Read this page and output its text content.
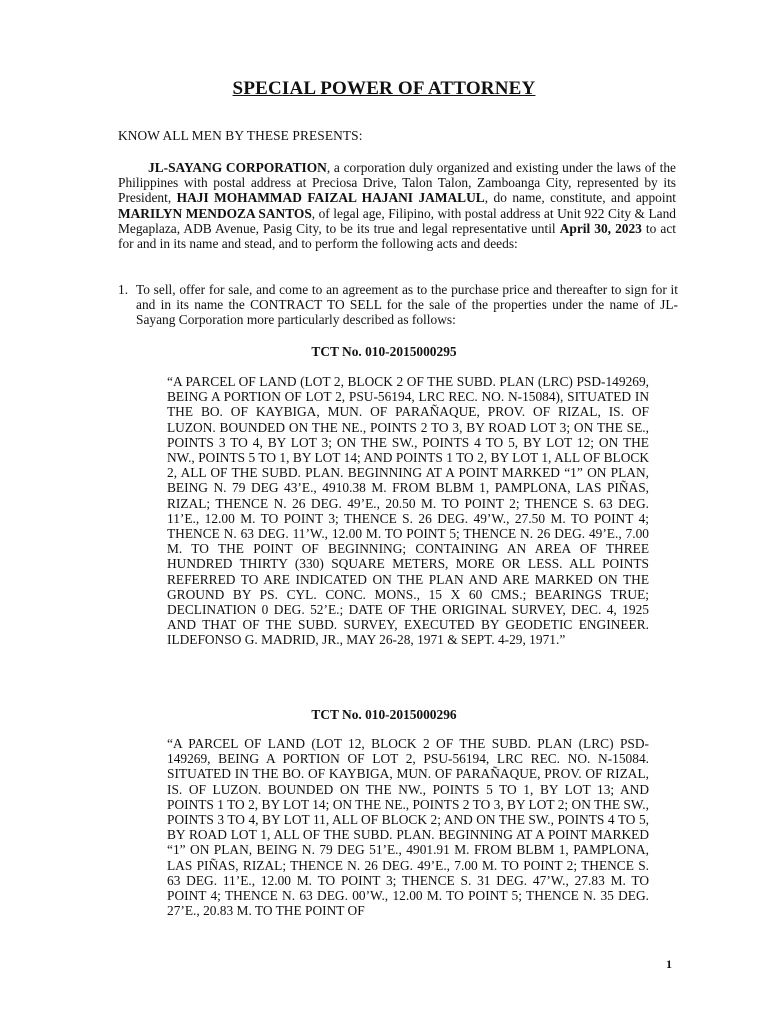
SPECIAL POWER OF ATTORNEY
KNOW ALL MEN BY THESE PRESENTS:

JL-SAYANG CORPORATION, a corporation duly organized and existing under the laws of the Philippines with postal address at Preciosa Drive, Talon Talon, Zamboanga City, represented by its President, HAJI MOHAMMAD FAIZAL HAJANI JAMALUL, do name, constitute, and appoint MARILYN MENDOZA SANTOS, of legal age, Filipino, with postal address at Unit 922 City & Land Megaplaza, ADB Avenue, Pasig City, to be its true and legal representative until April 30, 2023 to act for and in its name and stead, and to perform the following acts and deeds:

1. To sell, offer for sale, and come to an agreement as to the purchase price and thereafter to sign for it and in its name the CONTRACT TO SELL for the sale of the properties under the name of JL-Sayang Corporation more particularly described as follows:
TCT No. 010-2015000295

“A PARCEL OF LAND (LOT 2, BLOCK 2 OF THE SUBD. PLAN (LRC) PSD-149269, BEING A PORTION OF LOT 2, PSU-56194, LRC REC. NO. N-15084), SITUATED IN THE BO. OF KAYBIGA, MUN. OF PARAÑAQUE, PROV. OF RIZAL, IS. OF LUZON. BOUNDED ON THE NE., POINTS 2 TO 3, BY ROAD LOT 3; ON THE SE., POINTS 3 TO 4, BY LOT 3; ON THE SW., POINTS 4 TO 5, BY LOT 12; ON THE NW., POINTS 5 TO 1, BY LOT 14; AND POINTS 1 TO 2, BY LOT 1, ALL OF BLOCK 2, ALL OF THE SUBD. PLAN. BEGINNING AT A POINT MARKED “1” ON PLAN, BEING N. 79 DEG 43’E., 4910.38 M. FROM BLBM 1, PAMPLONA, LAS PIÑAS, RIZAL; THENCE N. 26 DEG. 49’E., 20.50 M. TO POINT 2; THENCE S. 63 DEG. 11’E., 12.00 M. TO POINT 3; THENCE S. 26 DEG. 49’W., 27.50 M. TO POINT 4; THENCE N. 63 DEG. 11’W., 12.00 M. TO POINT 5; THENCE N. 26 DEG. 49’E., 7.00 M. TO THE POINT OF BEGINNING; CONTAINING AN AREA OF THREE HUNDRED THIRTY (330) SQUARE METERS, MORE OR LESS. ALL POINTS REFERRED TO ARE INDICATED ON THE PLAN AND ARE MARKED ON THE GROUND BY PS. CYL. CONC. MONS., 15 X 60 CMS.; BEARINGS TRUE; DECLINATION 0 DEG. 52’E.; DATE OF THE ORIGINAL SURVEY, DEC. 4, 1925 AND THAT OF THE SUBD. SURVEY, EXECUTED BY GEODETIC ENGINEER. ILDEFONSO G. MADRID, JR., MAY 26-28, 1971 & SEPT. 4-29, 1971.”

TCT No. 010-2015000296

“A PARCEL OF LAND (LOT 12, BLOCK 2 OF THE SUBD. PLAN (LRC) PSD-149269, BEING A PORTION OF LOT 2, PSU-56194, LRC REC. NO. N-15084. SITUATED IN THE BO. OF KAYBIGA, MUN. OF PARAÑAQUE, PROV. OF RIZAL, IS. OF LUZON. BOUNDED ON THE NW., POINTS 5 TO 1, BY LOT 13; AND POINTS 1 TO 2, BY LOT 14; ON THE NE., POINTS 2 TO 3, BY LOT 2; ON THE SW., POINTS 3 TO 4, BY LOT 11, ALL OF BLOCK 2; AND ON THE SW., POINTS 4 TO 5, BY ROAD LOT 1, ALL OF THE SUBD. PLAN. BEGINNING AT A POINT MARKED “1” ON PLAN, BEING N. 79 DEG 51’E., 4901.91 M. FROM BLBM 1, PAMPLONA, LAS PIÑAS, RIZAL; THENCE N. 26 DEG. 49’E., 7.00 M. TO POINT 2; THENCE S. 63 DEG. 11’E., 12.00 M. TO POINT 3; THENCE S. 31 DEG. 47’W., 27.83 M. TO POINT 4; THENCE N. 63 DEG. 00’W., 12.00 M. TO POINT 5; THENCE N. 35 DEG. 27’E., 20.83 M. TO THE POINT OF

1
